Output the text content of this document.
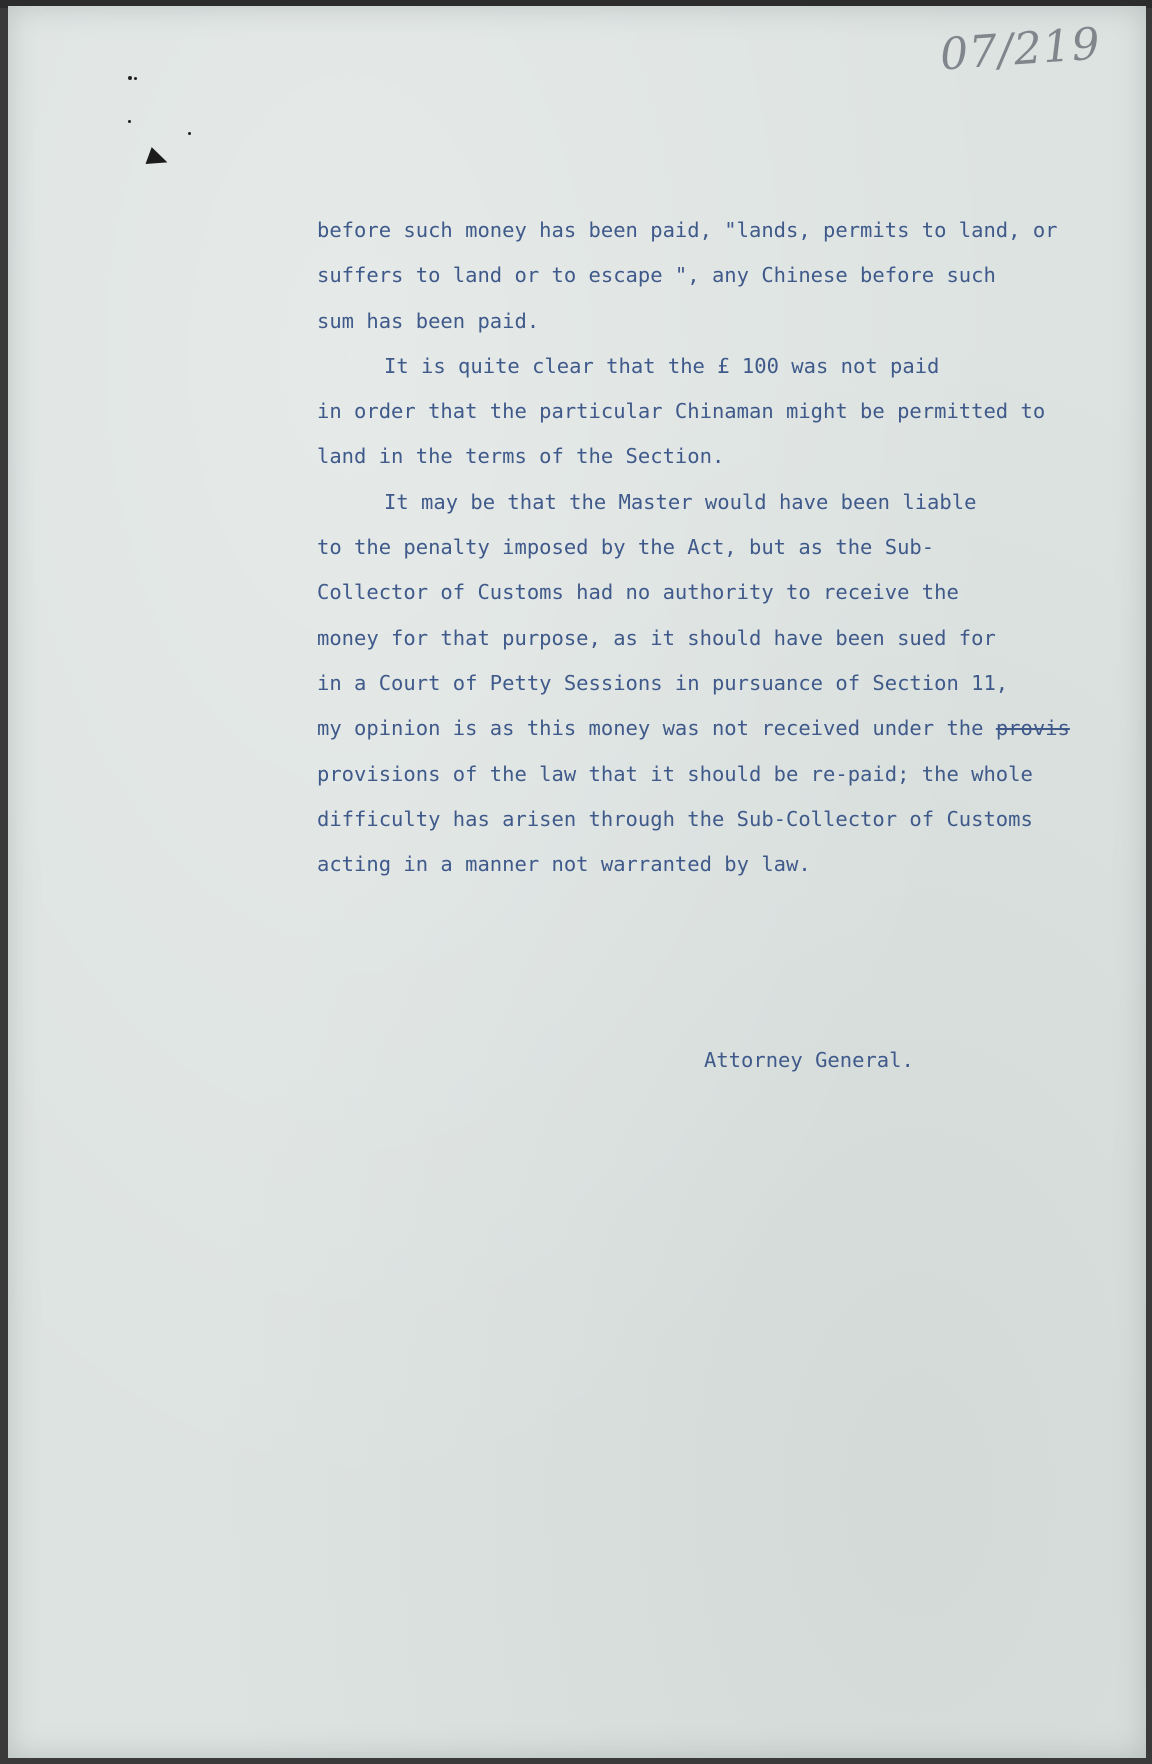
07/219
before such money has been paid, "lands, permits to land, or
suffers to land or to escape ", any Chinese before such
sum has been paid.
It is quite clear that the £ 100 was not paid
in order that the particular Chinaman might be permitted to
land in the terms of the Section.
It may be that the Master would have been liable
to the penalty imposed by the Act, but as the Sub-
Collector of Customs had no authority to receive the
money for that purpose, as it should have been sued for
in a Court of Petty Sessions in pursuance of Section 11,
my opinion is as this money was not received under the provis
provisions of the law that it should be re-paid; the whole
difficulty has arisen through the Sub-Collector of Customs
acting in a manner not warranted by law.
Attorney General.
